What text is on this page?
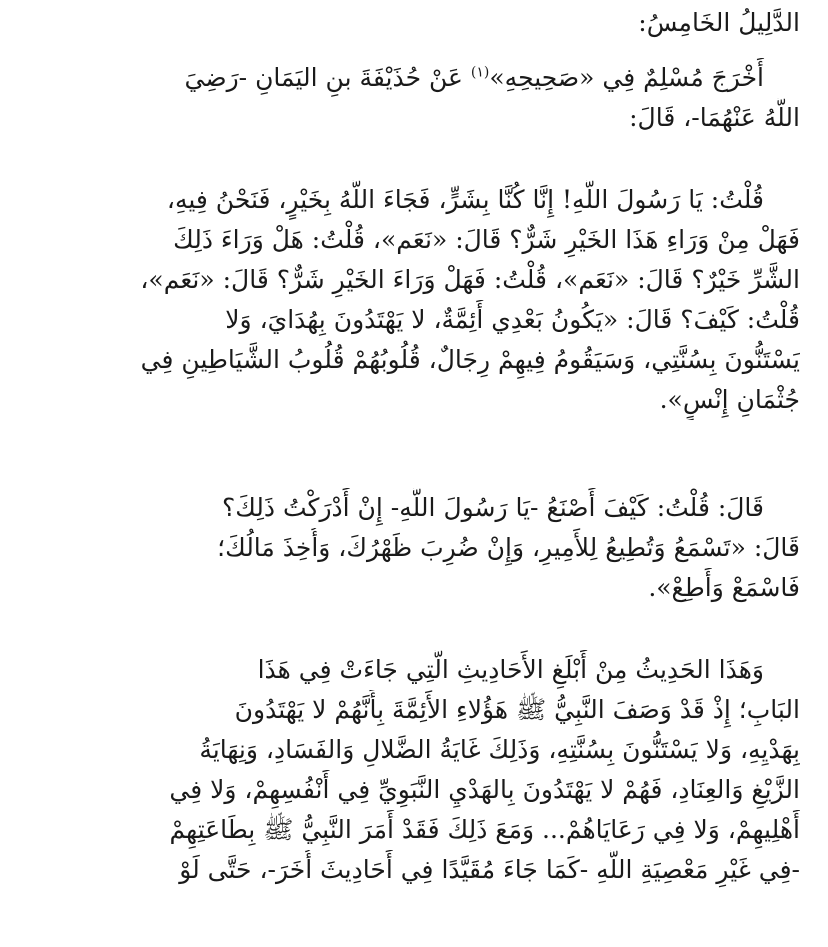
الدَّلِيلُ الخَامِسُ:
أَخْرَجَ مُسْلِمٌ فِي «صَحِيحِهِ»$^{(١)}$ عَنْ حُذَيْفَةَ بنِ اليَمَانِ -رَضِيَ
اللَّهُ عَنْهُمَا-، قَالَ:
قُلْتُ: يَا رَسُولَ اللَّهِ! إِنَّا كُنَّا بِشَرٍّ، فَجَاءَ اللَّهُ بِخَيْرٍ، فَنَحْنُ فِيهِ،
فَهَلْ مِنْ وَرَاءِ هَذَا الخَيْرِ شَرٌّ؟ قَالَ: «نَعَم»، قُلْتُ: هَلْ وَرَاءَ ذَلِكَ
الشَّرِّ خَيْرٌ؟ قَالَ: «نَعَم»، قُلْتُ: فَهَلْ وَرَاءَ الخَيْرِ شَرٌّ؟ قَالَ: «نَعَم»،
قُلْتُ: كَيْفَ؟ قَالَ: «يَكُونُ بَعْدِي أَئِمَّةٌ، لا يَهْتَدُونَ بِهُدَايَ، وَلا
يَسْتَنُّونَ بِسُنَّتِي، وَسَيَقُومُ فِيهِمْ رِجَالٌ، قُلُوبُهُمْ قُلُوبُ الشَّيَاطِينِ فِي
جُثْمَانِ إِنْسٍ».
قَالَ: قُلْتُ: كَيْفَ أَصْنَعُ -يَا رَسُولَ اللَّهِ- إِنْ أَدْرَكْتُ ذَلِكَ؟
قَالَ: «تَسْمَعُ وَتُطِيعُ لِلأَمِيرِ، وَإِنْ ضُرِبَ ظَهْرُكَ، وَأُخِذَ مَالُكَ؛
فَاسْمَعْ وَأَطِعْ».
وَهَذَا الحَدِيثُ مِنْ أَبْلَغِ الأَحَادِيثِ الَّتِي جَاءَتْ فِي هَذَا
البَابِ؛ إِذْ قَدْ وَصَفَ النَّبِيُّ ﷺ هَؤُلاءِ الأَئِمَّةَ بِأَنَّهُمْ لا يَهْتَدُونَ
بِهَدْيِهِ، وَلا يَسْتَنُّونَ بِسُنَّتِهِ، وَذَلِكَ غَايَةُ الضَّلالِ وَالفَسَادِ، وَنِهَايَةُ
الزَّيْغِ وَالعِنَادِ، فَهُمْ لا يَهْتَدُونَ بِالهَدْيِ النَّبَوِيِّ فِي أَنْفُسِهِمْ، وَلا فِي
أَهْلِيهِمْ، وَلا فِي رَعَايَاهُمْ... وَمَعَ ذَلِكَ فَقَدْ أَمَرَ النَّبِيُّ ﷺ بِطَاعَتِهِمْ
-فِي غَيْرِ مَعْصِيَةِ اللَّهِ -كَمَا جَاءَ مُقَيَّدًا فِي أَحَادِيثَ أُخَرَ-، حَتَّى لَوْ
